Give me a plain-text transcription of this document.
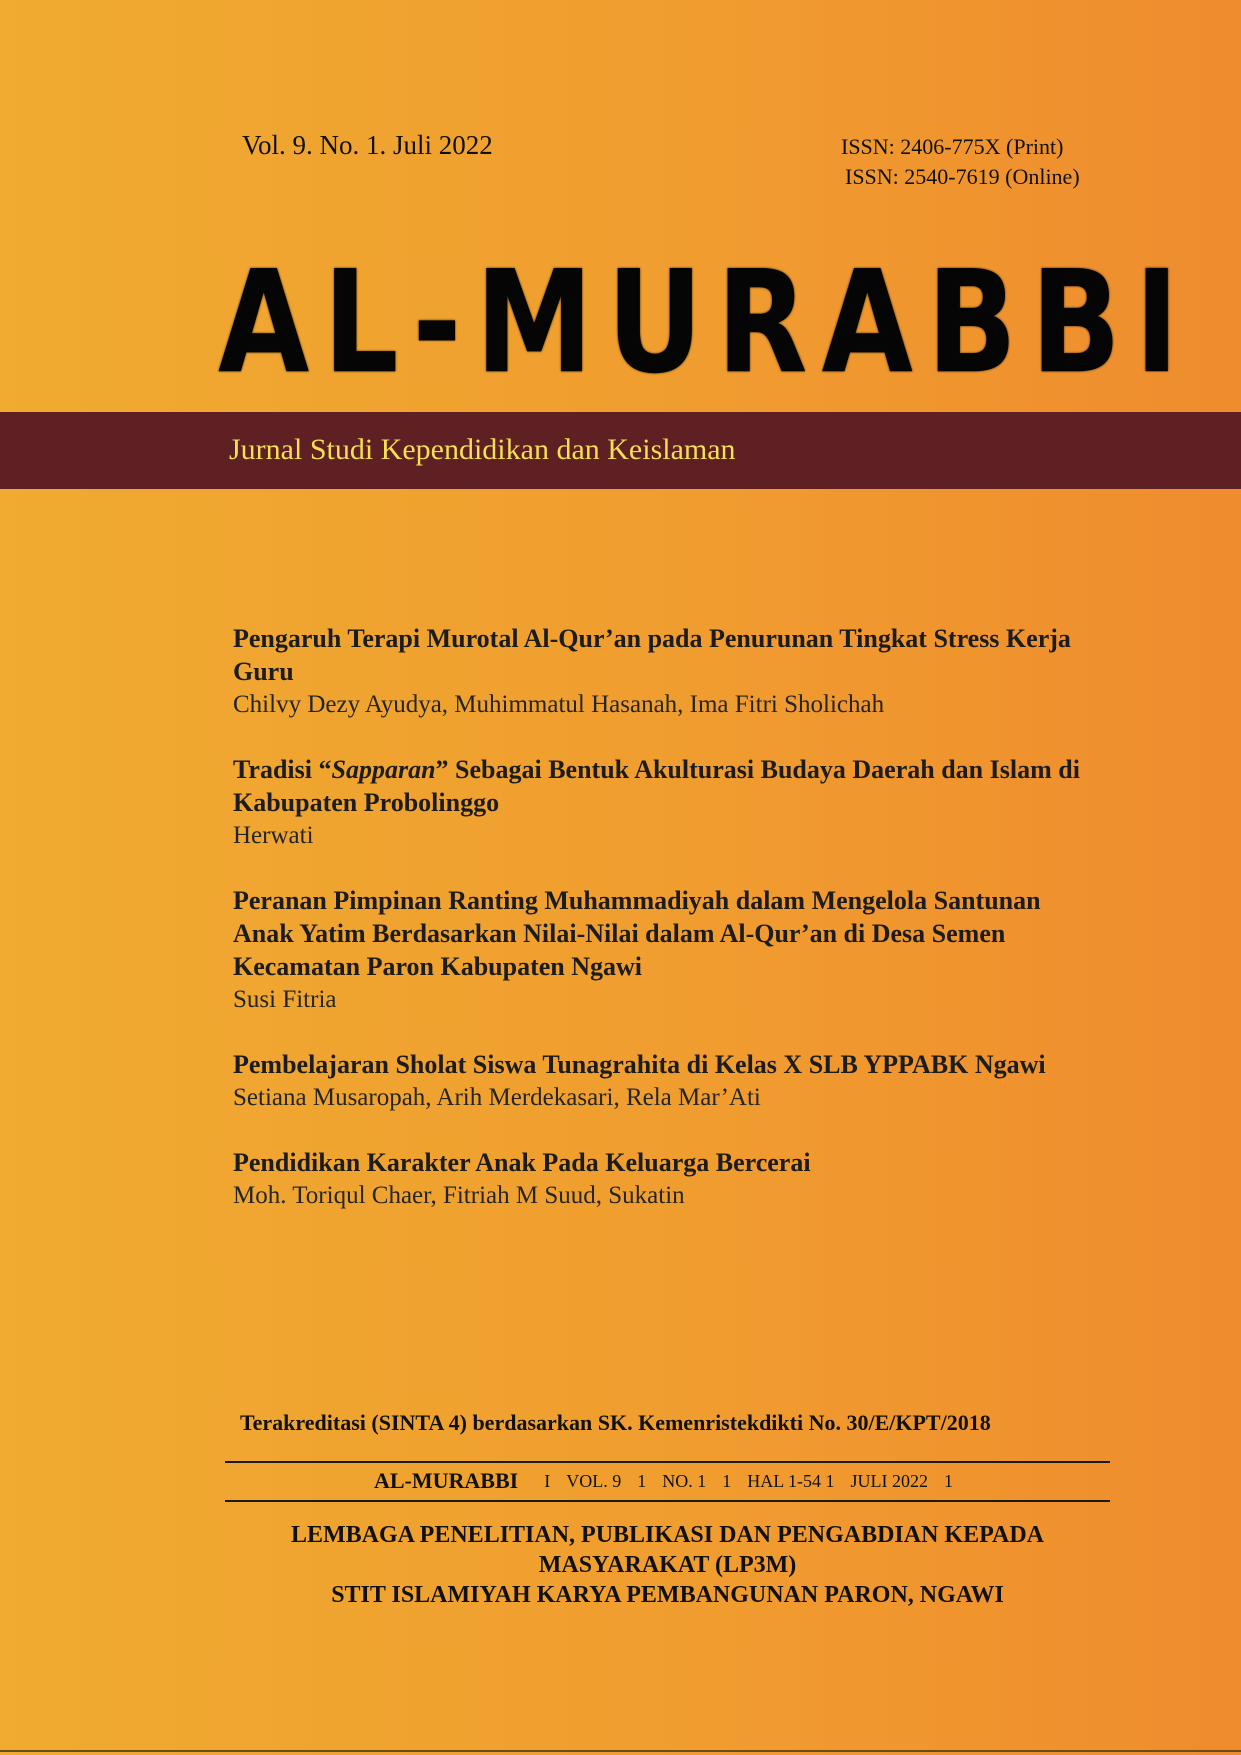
Vol. 9. No. 1. Juli 2022	ISSN: 2406-775X (Print)
ISSN: 2540-7619 (Online)
AL-MURABBI
Jurnal Studi Kependidikan dan Keislaman
Pengaruh Terapi Murotal Al-Qur’an pada Penurunan Tingkat Stress Kerja Guru
Chilvy Dezy Ayudya, Muhimmatul Hasanah, Ima Fitri Sholichah
Tradisi “Sapparan” Sebagai Bentuk Akulturasi Budaya Daerah dan Islam di Kabupaten Probolinggo
Herwati
Peranan Pimpinan Ranting Muhammadiyah dalam Mengelola Santunan Anak Yatim Berdasarkan Nilai-Nilai dalam Al-Qur’an di Desa Semen Kecamatan Paron Kabupaten Ngawi
Susi Fitria
Pembelajaran Sholat Siswa Tunagrahita di Kelas X SLB YPPABK Ngawi
Setiana Musaropah, Arih Merdekasari, Rela Mar’Ati
Pendidikan Karakter Anak Pada Keluarga Bercerai
Moh. Toriqul Chaer, Fitriah M Suud, Sukatin
Terakreditasi (SINTA 4) berdasarkan SK. Kemenristekdikti No. 30/E/KPT/2018
AL-MURABBI I VOL. 9 1 NO. 1 1 HAL 1-54 1 JULI 2022 1
LEMBAGA PENELITIAN, PUBLIKASI DAN PENGABDIAN KEPADA MASYARAKAT (LP3M)
STIT ISLAMIYAH KARYA PEMBANGUNAN PARON, NGAWI
